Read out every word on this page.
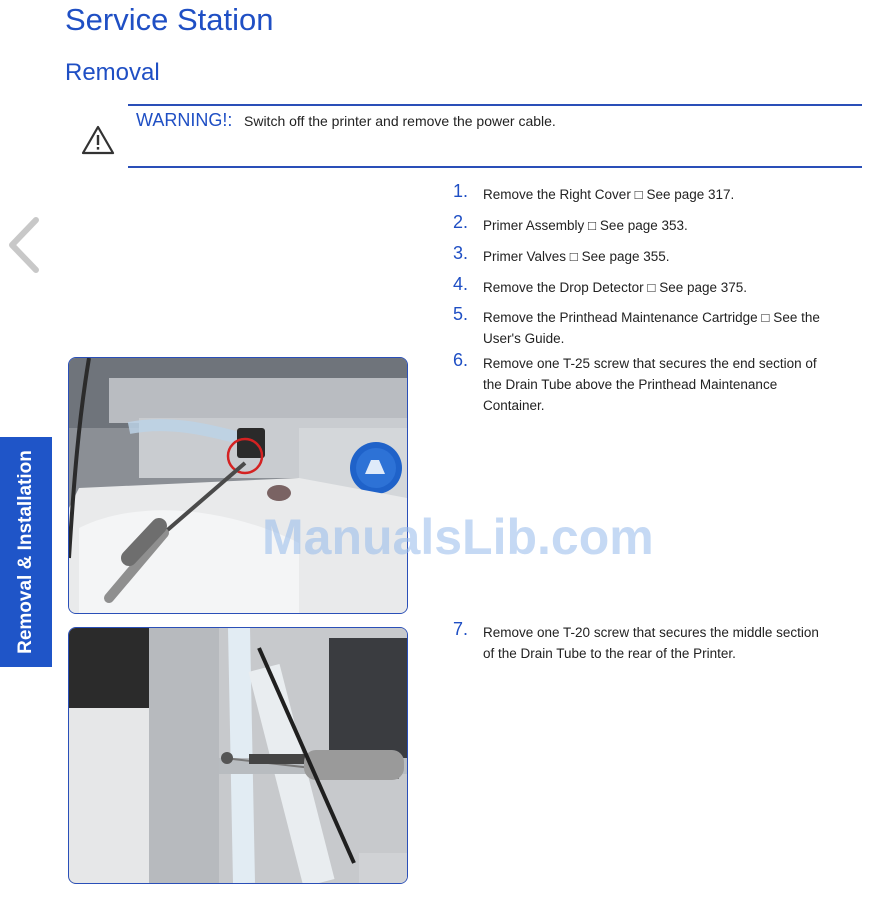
Service Station
Removal
WARNING!: Switch off the printer and remove the power cable.
Removal & Installation
1. Remove the Right Cover □ See page 317.
2. Primer Assembly □ See page 353.
3. Primer Valves □ See page 355.
4. Remove the Drop Detector □ See page 375.
5. Remove the Printhead Maintenance Cartridge □ See the User's Guide.
6. Remove one T-25 screw that secures the end section of the Drain Tube above the Printhead Maintenance Container.
7. Remove one T-20 screw that secures the middle section of the Drain Tube to the rear of the Printer.
ManualsLib.com
